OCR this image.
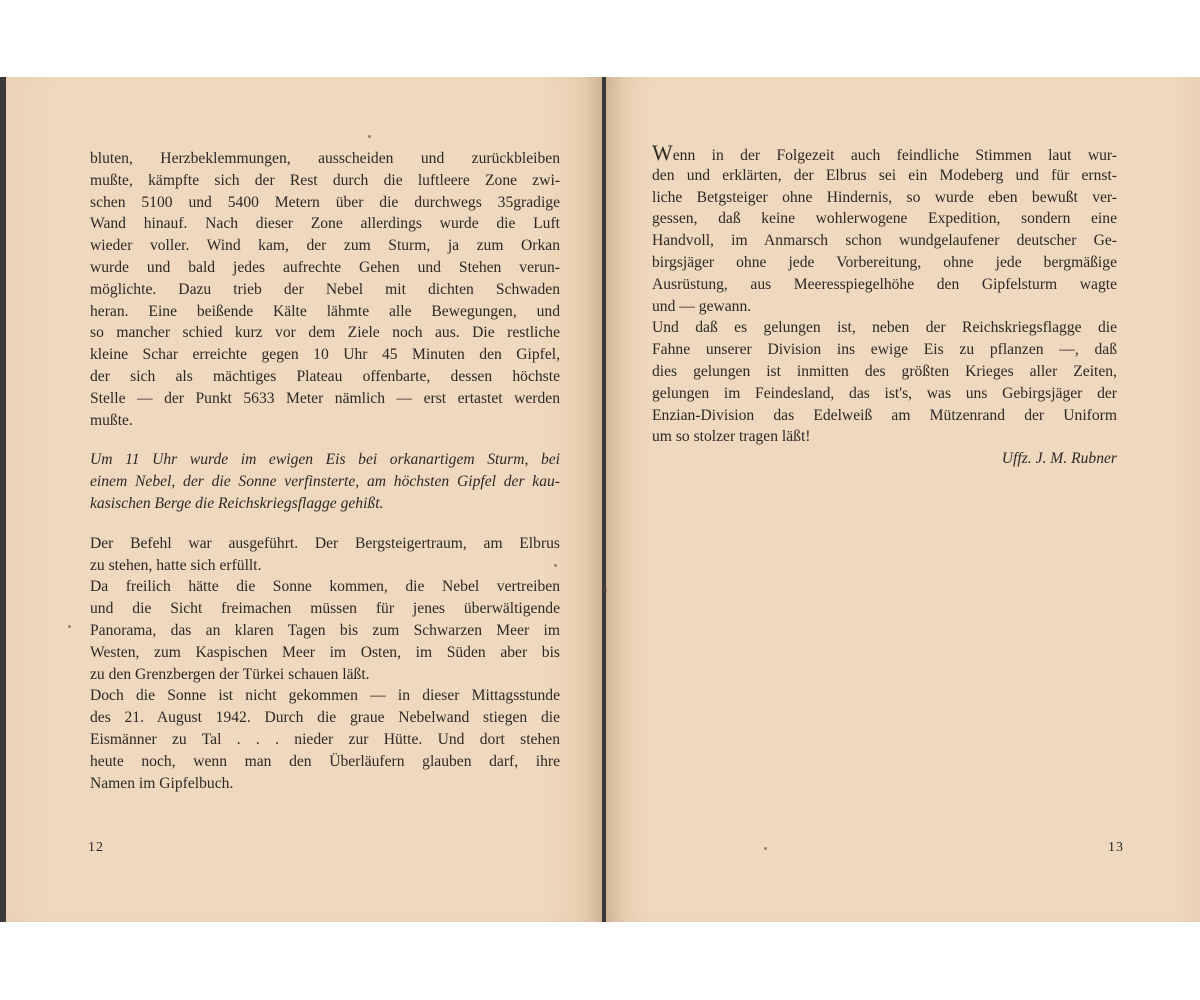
bluten, Herzbeklemmungen, ausscheiden und zurückbleiben
mußte, kämpfte sich der Rest durch die luftleere Zone zwi-
schen 5100 und 5400 Metern über die durchwegs 35gradige
Wand hinauf. Nach dieser Zone allerdings wurde die Luft
wieder voller. Wind kam, der zum Sturm, ja zum Orkan
wurde und bald jedes aufrechte Gehen und Stehen verun-
möglichte. Dazu trieb der Nebel mit dichten Schwaden
heran. Eine beißende Kälte lähmte alle Bewegungen, und
so mancher schied kurz vor dem Ziele noch aus. Die restliche
kleine Schar erreichte gegen 10 Uhr 45 Minuten den Gipfel,
der sich als mächtiges Plateau offenbarte, dessen höchste
Stelle — der Punkt 5633 Meter nämlich — erst ertastet werden
mußte.
Um 11 Uhr wurde im ewigen Eis bei orkanartigem Sturm, bei
einem Nebel, der die Sonne verfinsterte, am höchsten Gipfel der kau-
kasischen Berge die Reichskriegsflagge gehißt.
Der Befehl war ausgeführt. Der Bergsteigertraum, am Elbrus
zu stehen, hatte sich erfüllt.
Da freilich hätte die Sonne kommen, die Nebel vertreiben
und die Sicht freimachen müssen für jenes überwältigende
Panorama, das an klaren Tagen bis zum Schwarzen Meer im
Westen, zum Kaspischen Meer im Osten, im Süden aber bis
zu den Grenzbergen der Türkei schauen läßt.
Doch die Sonne ist nicht gekommen — in dieser Mittagsstunde
des 21. August 1942. Durch die graue Nebelwand stiegen die
Eismänner zu Tal . . . nieder zur Hütte. Und dort stehen
heute noch, wenn man den Überläufern glauben darf, ihre
Namen im Gipfelbuch.
12
Wenn in der Folgezeit auch feindliche Stimmen laut wur-
den und erklärten, der Elbrus sei ein Modeberg und für ernst-
liche Betgsteiger ohne Hindernis, so wurde eben bewußt ver-
gessen, daß keine wohlerwogene Expedition, sondern eine
Handvoll, im Anmarsch schon wundgelaufener deutscher Ge-
birgsjäger ohne jede Vorbereitung, ohne jede bergmäßige
Ausrüstung, aus Meeresspiegelhöhe den Gipfelsturm wagte
und — gewann.
Und daß es gelungen ist, neben der Reichskriegsflagge die
Fahne unserer Division ins ewige Eis zu pflanzen —, daß
dies gelungen ist inmitten des größten Krieges aller Zeiten,
gelungen im Feindesland, das ist's, was uns Gebirgsjäger der
Enzian-Division das Edelweiß am Mützenrand der Uniform
um so stolzer tragen läßt!
Uffz. J. M. Rubner
13
